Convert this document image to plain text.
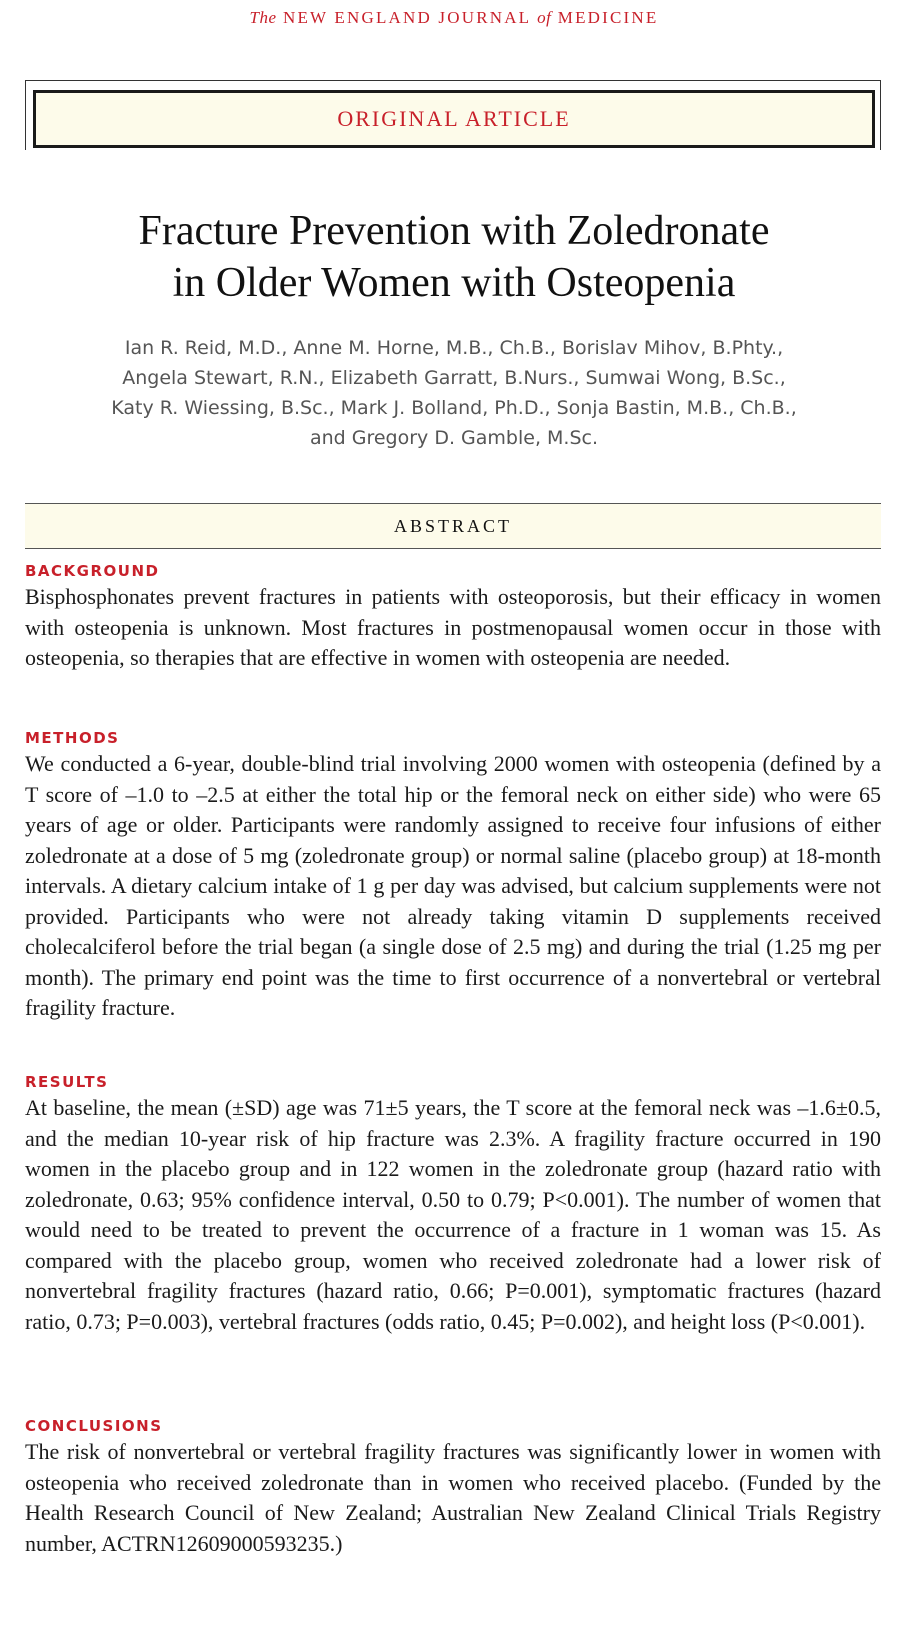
The NEW ENGLAND JOURNAL of MEDICINE
ORIGINAL ARTICLE
Fracture Prevention with Zoledronate
in Older Women with Osteopenia
Ian R. Reid, M.D., Anne M. Horne, M.B., Ch.B., Borislav Mihov, B.Phty.,
Angela Stewart, R.N., Elizabeth Garratt, B.Nurs., Sumwai Wong, B.Sc.,
Katy R. Wiessing, B.Sc., Mark J. Bolland, Ph.D., Sonja Bastin, M.B., Ch.B.,
and Gregory D. Gamble, M.Sc.
ABSTRACT
BACKGROUND

Bisphosphonates prevent fractures in patients with osteoporosis, but their efficacy in women with osteopenia is unknown. Most fractures in postmenopausal women occur in those with osteopenia, so therapies that are effective in women with osteopenia are needed.

METHODS

We conducted a 6-year, double-blind trial involving 2000 women with osteopenia (defined by a T score of –1.0 to –2.5 at either the total hip or the femoral neck on either side) who were 65 years of age or older. Participants were randomly assigned to receive four infusions of either zoledronate at a dose of 5 mg (zoledronate group) or normal saline (placebo group) at 18-month intervals. A dietary calcium intake of 1 g per day was advised, but calcium supplements were not provided. Participants who were not already taking vitamin D supplements received cholecalciferol before the trial began (a single dose of 2.5 mg) and during the trial (1.25 mg per month). The primary end point was the time to first occurrence of a nonvertebral or vertebral fragility fracture.

RESULTS

At baseline, the mean (±SD) age was 71±5 years, the T score at the femoral neck was –1.6±0.5, and the median 10-year risk of hip fracture was 2.3%. A fragility fracture occurred in 190 women in the placebo group and in 122 women in the zoledronate group (hazard ratio with zoledronate, 0.63; 95% confidence interval, 0.50 to 0.79; P<0.001). The number of women that would need to be treated to prevent the occurrence of a fracture in 1 woman was 15. As compared with the placebo group, women who received zoledronate had a lower risk of nonvertebral fragility fractures (hazard ratio, 0.66; P=0.001), symptomatic fractures (hazard ratio, 0.73; P=0.003), vertebral fractures (odds ratio, 0.45; P=0.002), and height loss (P<0.001).

CONCLUSIONS

The risk of nonvertebral or vertebral fragility fractures was significantly lower in women with osteopenia who received zoledronate than in women who received placebo. (Funded by the Health Research Council of New Zealand; Australian New Zealand Clinical Trials Registry number, ACTRN12609000593235.)
